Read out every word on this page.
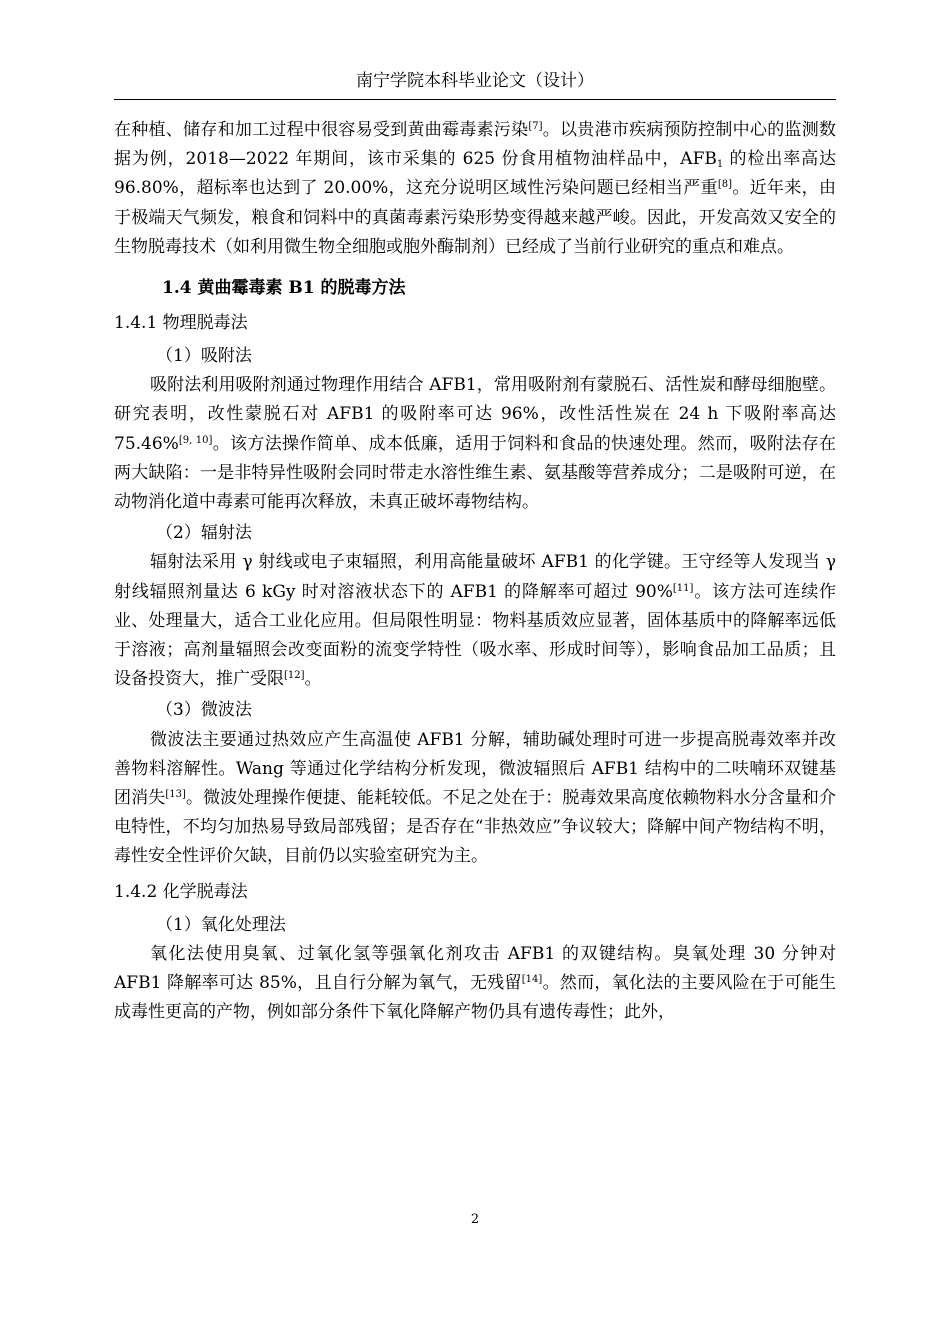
南宁学院本科毕业论文（设计）

在种植、储存和加工过程中很容易受到黄曲霉毒素污染[7]。以贵港市疾病预防控制中心的监测数据为例，2018—2022 年期间，该市采集的 625 份食用植物油样品中，$AFB_1$ 的检出率高达 96.80%，超标率也达到了 20.00%，这充分说明区域性污染问题已经相当严重[8]。近年来，由于极端天气频发，粮食和饲料中的真菌毒素污染形势变得越来越严峻。因此，开发高效又安全的生物脱毒技术（如利用微生物全细胞或胞外酶制剂）已经成了当前行业研究的重点和难点。

1.4 黄曲霉毒素 B1 的脱毒方法
1.4.1 物理脱毒法

（1）吸附法

吸附法利用吸附剂通过物理作用结合 AFB1，常用吸附剂有蒙脱石、活性炭和酵母细胞壁。研究表明，改性蒙脱石对 AFB1 的吸附率可达 96%，改性活性炭在 24 h 下吸附率高达 75.46%[9, 10]。该方法操作简单、成本低廉，适用于饲料和食品的快速处理。然而，吸附法存在两大缺陷：一是非特异性吸附会同时带走水溶性维生素、氨基酸等营养成分；二是吸附可逆，在动物消化道中毒素可能再次释放，未真正破坏毒物结构。

（2）辐射法

辐射法采用 γ 射线或电子束辐照，利用高能量破坏 AFB1 的化学键。王守经等人发现当 γ 射线辐照剂量达 6 kGy 时对溶液状态下的 AFB1 的降解率可超过 90%[11]。该方法可连续作业、处理量大，适合工业化应用。但局限性明显：物料基质效应显著，固体基质中的降解率远低于溶液；高剂量辐照会改变面粉的流变学特性（吸水率、形成时间等），影响食品加工品质；且设备投资大，推广受限[12]。

（3）微波法

微波法主要通过热效应产生高温使 AFB1 分解，辅助碱处理时可进一步提高脱毒效率并改善物料溶解性。Wang 等通过化学结构分析发现，微波辐照后 AFB1 结构中的二呋喃环双键基团消失[13]。微波处理操作便捷、能耗较低。不足之处在于：脱毒效果高度依赖物料水分含量和介电特性，不均匀加热易导致局部残留；是否存在“非热效应”争议较大；降解中间产物结构不明，毒性安全性评价欠缺，目前仍以实验室研究为主。

1.4.2 化学脱毒法

（1）氧化处理法

氧化法使用臭氧、过氧化氢等强氧化剂攻击 AFB1 的双键结构。臭氧处理 30 分钟对 AFB1 降解率可达 85%，且自行分解为氧气，无残留[14]。然而，氧化法的主要风险在于可能生成毒性更高的产物，例如部分条件下氧化降解产物仍具有遗传毒性；此外，

2
